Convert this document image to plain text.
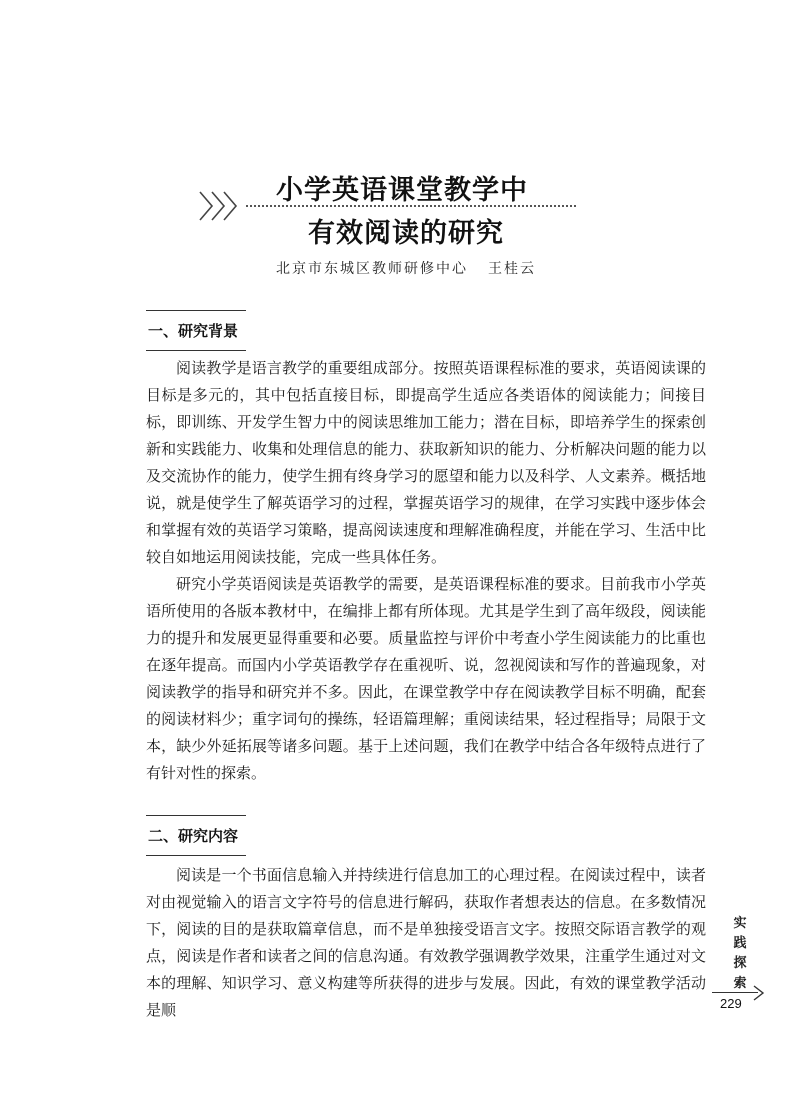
小学英语课堂教学中
有效阅读的研究
北京市东城区教师研修中心 王桂云
一、研究背景

阅读教学是语言教学的重要组成部分。按照英语课程标准的要求，英语阅读课的目标是多元的，其中包括直接目标，即提高学生适应各类语体的阅读能力；间接目标，即训练、开发学生智力中的阅读思维加工能力；潜在目标，即培养学生的探索创新和实践能力、收集和处理信息的能力、获取新知识的能力、分析解决问题的能力以及交流协作的能力，使学生拥有终身学习的愿望和能力以及科学、人文素养。概括地说，就是使学生了解英语学习的过程，掌握英语学习的规律，在学习实践中逐步体会和掌握有效的英语学习策略，提高阅读速度和理解准确程度，并能在学习、生活中比较自如地运用阅读技能，完成一些具体任务。

研究小学英语阅读是英语教学的需要，是英语课程标准的要求。目前我市小学英语所使用的各版本教材中，在编排上都有所体现。尤其是学生到了高年级段，阅读能力的提升和发展更显得重要和必要。质量监控与评价中考查小学生阅读能力的比重也在逐年提高。而国内小学英语教学存在重视听、说，忽视阅读和写作的普遍现象，对阅读教学的指导和研究并不多。因此，在课堂教学中存在阅读教学目标不明确，配套的阅读材料少；重字词句的操练，轻语篇理解；重阅读结果，轻过程指导；局限于文本，缺少外延拓展等诸多问题。基于上述问题，我们在教学中结合各年级特点进行了有针对性的探索。

二、研究内容

阅读是一个书面信息输入并持续进行信息加工的心理过程。在阅读过程中，读者对由视觉输入的语言文字符号的信息进行解码，获取作者想表达的信息。在多数情况下，阅读的目的是获取篇章信息，而不是单独接受语言文字。按照交际语言教学的观点，阅读是作者和读者之间的信息沟通。有效教学强调教学效果，注重学生通过对文本的理解、知识学习、意义构建等所获得的进步与发展。因此，有效的课堂教学活动是顺

实
践
探
索
229
